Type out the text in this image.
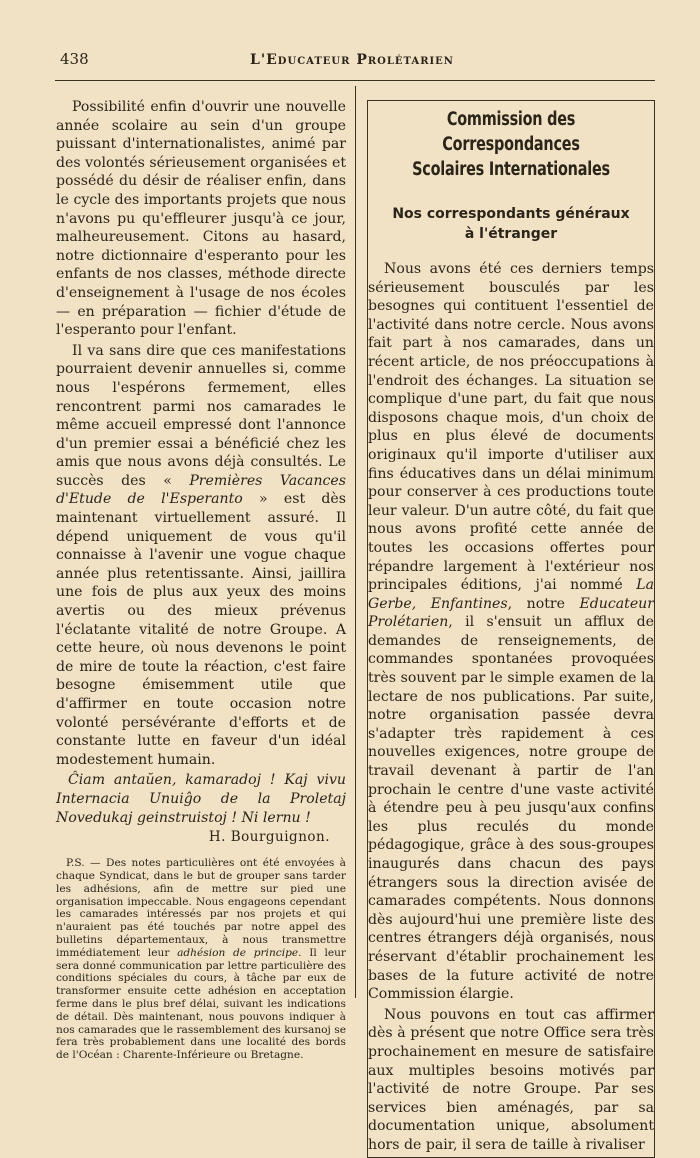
438	L'Educateur Prolétarien

Possibilité enfin d'ouvrir une nouvelle année scolaire au sein d'un groupe puissant d'internationalistes, animé par des volontés sérieusement organisées et possédé du désir de réaliser enfin, dans le cycle des importants projets que nous n'avons pu qu'effleurer jusqu'à ce jour, malheureusement. Citons au hasard, notre dictionnaire d'esperanto pour les enfants de nos classes, méthode directe d'enseignement à l'usage de nos écoles — en préparation — fichier d'étude de l'esperanto pour l'enfant.

Il va sans dire que ces manifestations pourraient devenir annuelles si, comme nous l'espérons fermement, elles rencontrent parmi nos camarades le même accueil empressé dont l'annonce d'un premier essai a bénéficié chez les amis que nous avons déjà consultés. Le succès des « Premières Vacances d'Etude de l'Esperanto » est dès maintenant virtuellement assuré. Il dépend uniquement de vous qu'il connaisse à l'avenir une vogue chaque année plus retentissante. Ainsi, jaillira une fois de plus aux yeux des moins avertis ou des mieux prévenus l'éclatante vitalité de notre Groupe. A cette heure, où nous devenons le point de mire de toute la réaction, c'est faire besogne émisemment utile que d'affirmer en toute occasion notre volonté persévérante d'efforts et de constante lutte en faveur d'un idéal modestement humain.

Ĉiam antaŭen, kamaradoj ! Kaj vivu Internacia Unuiĝo de la Proletaj Novedukaj geinstruistoj ! Ni lernu !

H. Bourguignon.

P.S. — Des notes particulières ont été envoyées à chaque Syndicat, dans le but de grouper sans tarder les adhésions, afin de mettre sur pied une organisation impeccable. Nous engageons cependant les camarades intéressés par nos projets et qui n'auraient pas été touchés par notre appel des bulletins départementaux, à nous transmettre immédiatement leur adhésion de principe. Il leur sera donné communication par lettre particulière des conditions spéciales du cours, à tâche par eux de transformer ensuite cette adhésion en acceptation ferme dans le plus bref délai, suivant les indications de détail. Dès maintenant, nous pouvons indiquer à nos camarades que le rassemblement des kursanoj se fera très probablement dans une localité des bords de l'Océan : Charente-Inférieure ou Bretagne.

Commission des Correspondances

Scolaires Internationales

Nos correspondants généraux
à l'étranger

Nous avons été ces derniers temps sérieusement bousculés par les besognes qui contituent l'essentiel de l'activité dans notre cercle. Nous avons fait part à nos camarades, dans un récent article, de nos préoccupations à l'endroit des échanges. La situation se complique d'une part, du fait que nous disposons chaque mois, d'un choix de plus en plus élevé de documents originaux qu'il importe d'utiliser aux fins éducatives dans un délai minimum pour conserver à ces productions toute leur valeur. D'un autre côté, du fait que nous avons profité cette année de toutes les occasions offertes pour répandre largement à l'extérieur nos principales éditions, j'ai nommé La Gerbe, Enfantines, notre Educateur Prolétarien, il s'ensuit un afflux de demandes de renseignements, de commandes spontanées provoquées très souvent par le simple examen de la lectare de nos publications. Par suite, notre organisation passée devra s'adapter très rapidement à ces nouvelles exigences, notre groupe de travail devenant à partir de l'an prochain le centre d'une vaste activité à étendre peu à peu jusqu'aux confins les plus reculés du monde pédagogique, grâce à des sous-groupes inaugurés dans chacun des pays étrangers sous la direction avisée de camarades compétents. Nous donnons dès aujourd'hui une première liste des centres étrangers déjà organisés, nous réservant d'établir prochainement les bases de la future activité de notre Commission élargie.

Nous pouvons en tout cas affirmer dès à présent que notre Office sera très prochainement en mesure de satisfaire aux multiples besoins motivés par l'activité de notre Groupe. Par ses services bien aménagés, par sa documentation unique, absolument hors de pair, il sera de taille à rivaliser
